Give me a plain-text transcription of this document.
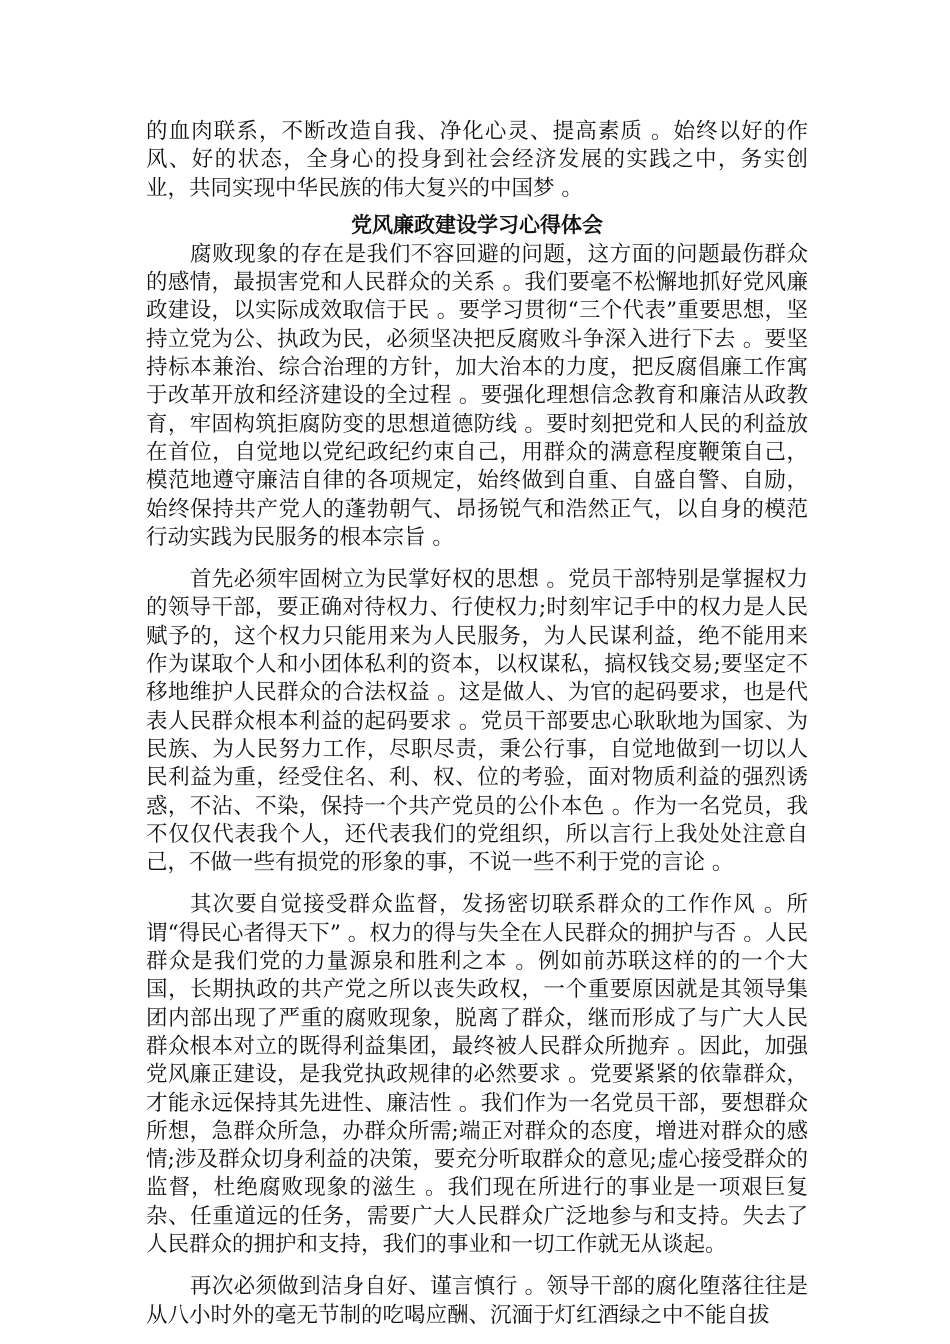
的血肉联系，不断改造自我、净化心灵、提高素质 。始终以好的作风、好的状态，全身心的投身到社会经济发展的实践之中，务实创业，共同实现中华民族的伟大复兴的中国梦 。

党风廉政建设学习心得体会

腐败现象的存在是我们不容回避的问题，这方面的问题最伤群众的感情，最损害党和人民群众的关系 。我们要毫不松懈地抓好党风廉政建设，以实际成效取信于民 。要学习贯彻“三个代表”重要思想，坚持立党为公、执政为民，必须坚决把反腐败斗争深入进行下去 。要坚持标本兼治、综合治理的方针，加大治本的力度，把反腐倡廉工作寓于改革开放和经济建设的全过程 。要强化理想信念教育和廉洁从政教育，牢固构筑拒腐防变的思想道德防线 。要时刻把党和人民的利益放在首位，自觉地以党纪政纪约束自己，用群众的满意程度鞭策自己，模范地遵守廉洁自律的各项规定，始终做到自重、自盛自警、自励，始终保持共产党人的蓬勃朝气、昂扬锐气和浩然正气，以自身的模范行动实践为民服务的根本宗旨 。

首先必须牢固树立为民掌好权的思想 。党员干部特别是掌握权力的领导干部，要正确对待权力、行使权力;时刻牢记手中的权力是人民赋予的，这个权力只能用来为人民服务，为人民谋利益，绝不能用来作为谋取个人和小团体私利的资本，以权谋私，搞权钱交易;要坚定不移地维护人民群众的合法权益 。这是做人、为官的起码要求，也是代表人民群众根本利益的起码要求 。党员干部要忠心耿耿地为国家、为民族、为人民努力工作，尽职尽责，秉公行事，自觉地做到一切以人民利益为重，经受住名、利、权、位的考验，面对物质利益的强烈诱惑，不沾、不染，保持一个共产党员的公仆本色 。作为一名党员，我不仅仅代表我个人，还代表我们的党组织，所以言行上我处处注意自己，不做一些有损党的形象的事，不说一些不利于党的言论 。

其次要自觉接受群众监督，发扬密切联系群众的工作作风 。所谓“得民心者得天下” 。权力的得与失全在人民群众的拥护与否 。人民群众是我们党的力量源泉和胜利之本 。例如前苏联这样的的一个大国，长期执政的共产党之所以丧失政权，一个重要原因就是其领导集团内部出现了严重的腐败现象，脱离了群众，继而形成了与广大人民群众根本对立的既得利益集团，最终被人民群众所抛弃 。因此，加强党风廉正建设，是我党执政规律的必然要求 。党要紧紧的依靠群众，才能永远保持其先进性、廉洁性 。我们作为一名党员干部，要想群众所想，急群众所急，办群众所需;端正对群众的态度，增进对群众的感情;涉及群众切身利益的决策，要充分听取群众的意见;虚心接受群众的监督，杜绝腐败现象的滋生 。我们现在所进行的事业是一项艰巨复杂、任重道远的任务，需要广大人民群众广泛地参与和支持。失去了人民群众的拥护和支持，我们的事业和一切工作就无从谈起。

再次必须做到洁身自好、谨言慎行 。领导干部的腐化堕落往往是从八小时外的毫无节制的吃喝应酬、沉湎于灯红酒绿之中不能自拔
